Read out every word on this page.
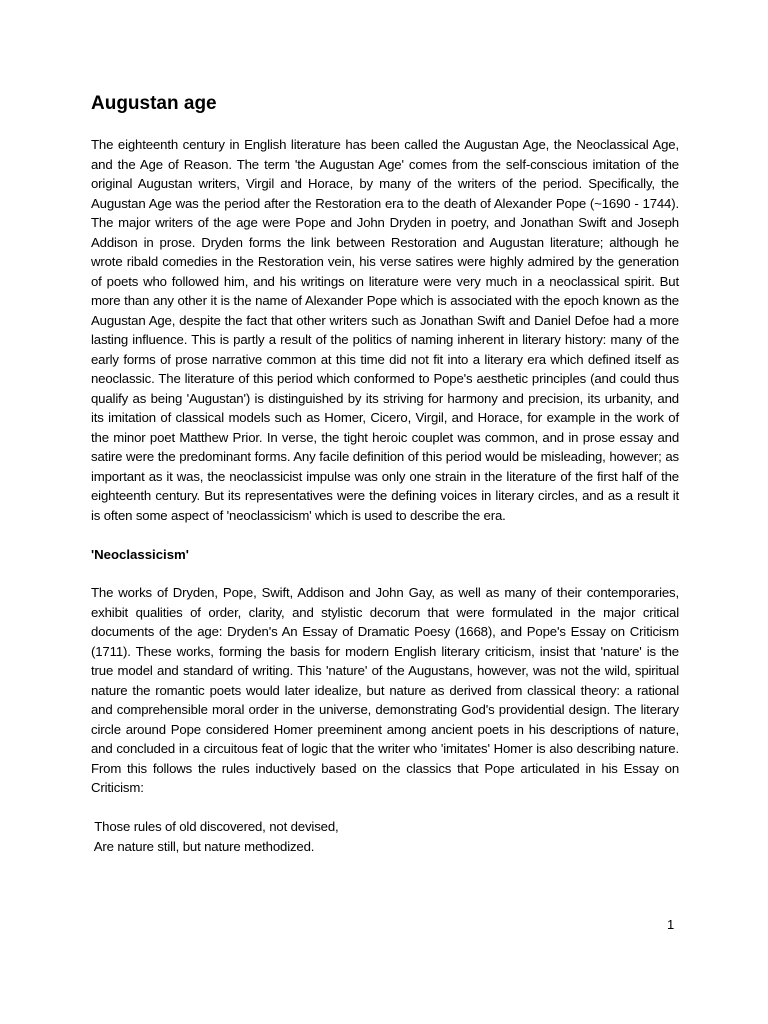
Augustan age

The eighteenth century in English literature has been called the Augustan Age, the Neoclassical Age, and the Age of Reason. The term 'the Augustan Age' comes from the self-conscious imitation of the original Augustan writers, Virgil and Horace, by many of the writers of the period. Specifically, the Augustan Age was the period after the Restoration era to the death of Alexander Pope (~1690 - 1744). The major writers of the age were Pope and John Dryden in poetry, and Jonathan Swift and Joseph Addison in prose. Dryden forms the link between Restoration and Augustan literature; although he wrote ribald comedies in the Restoration vein, his verse satires were highly admired by the generation of poets who followed him, and his writings on literature were very much in a neoclassical spirit. But more than any other it is the name of Alexander Pope which is associated with the epoch known as the Augustan Age, despite the fact that other writers such as Jonathan Swift and Daniel Defoe had a more lasting influence. This is partly a result of the politics of naming inherent in literary history: many of the early forms of prose narrative common at this time did not fit into a literary era which defined itself as neoclassic. The literature of this period which conformed to Pope's aesthetic principles (and could thus qualify as being 'Augustan') is distinguished by its striving for harmony and precision, its urbanity, and its imitation of classical models such as Homer, Cicero, Virgil, and Horace, for example in the work of the minor poet Matthew Prior. In verse, the tight heroic couplet was common, and in prose essay and satire were the predominant forms. Any facile definition of this period would be misleading, however; as important as it was, the neoclassicist impulse was only one strain in the literature of the first half of the eighteenth century. But its representatives were the defining voices in literary circles, and as a result it is often some aspect of 'neoclassicism' which is used to describe the era.

'Neoclassicism'

The works of Dryden, Pope, Swift, Addison and John Gay, as well as many of their contemporaries, exhibit qualities of order, clarity, and stylistic decorum that were formulated in the major critical documents of the age: Dryden's An Essay of Dramatic Poesy (1668), and Pope's Essay on Criticism (1711). These works, forming the basis for modern English literary criticism, insist that 'nature' is the true model and standard of writing. This 'nature' of the Augustans, however, was not the wild, spiritual nature the romantic poets would later idealize, but nature as derived from classical theory: a rational and comprehensible moral order in the universe, demonstrating God's providential design. The literary circle around Pope considered Homer preeminent among ancient poets in his descriptions of nature, and concluded in a circuitous feat of logic that the writer who 'imitates' Homer is also describing nature. From this follows the rules inductively based on the classics that Pope articulated in his Essay on Criticism:

Those rules of old discovered, not devised,
Are nature still, but nature methodized.
1
